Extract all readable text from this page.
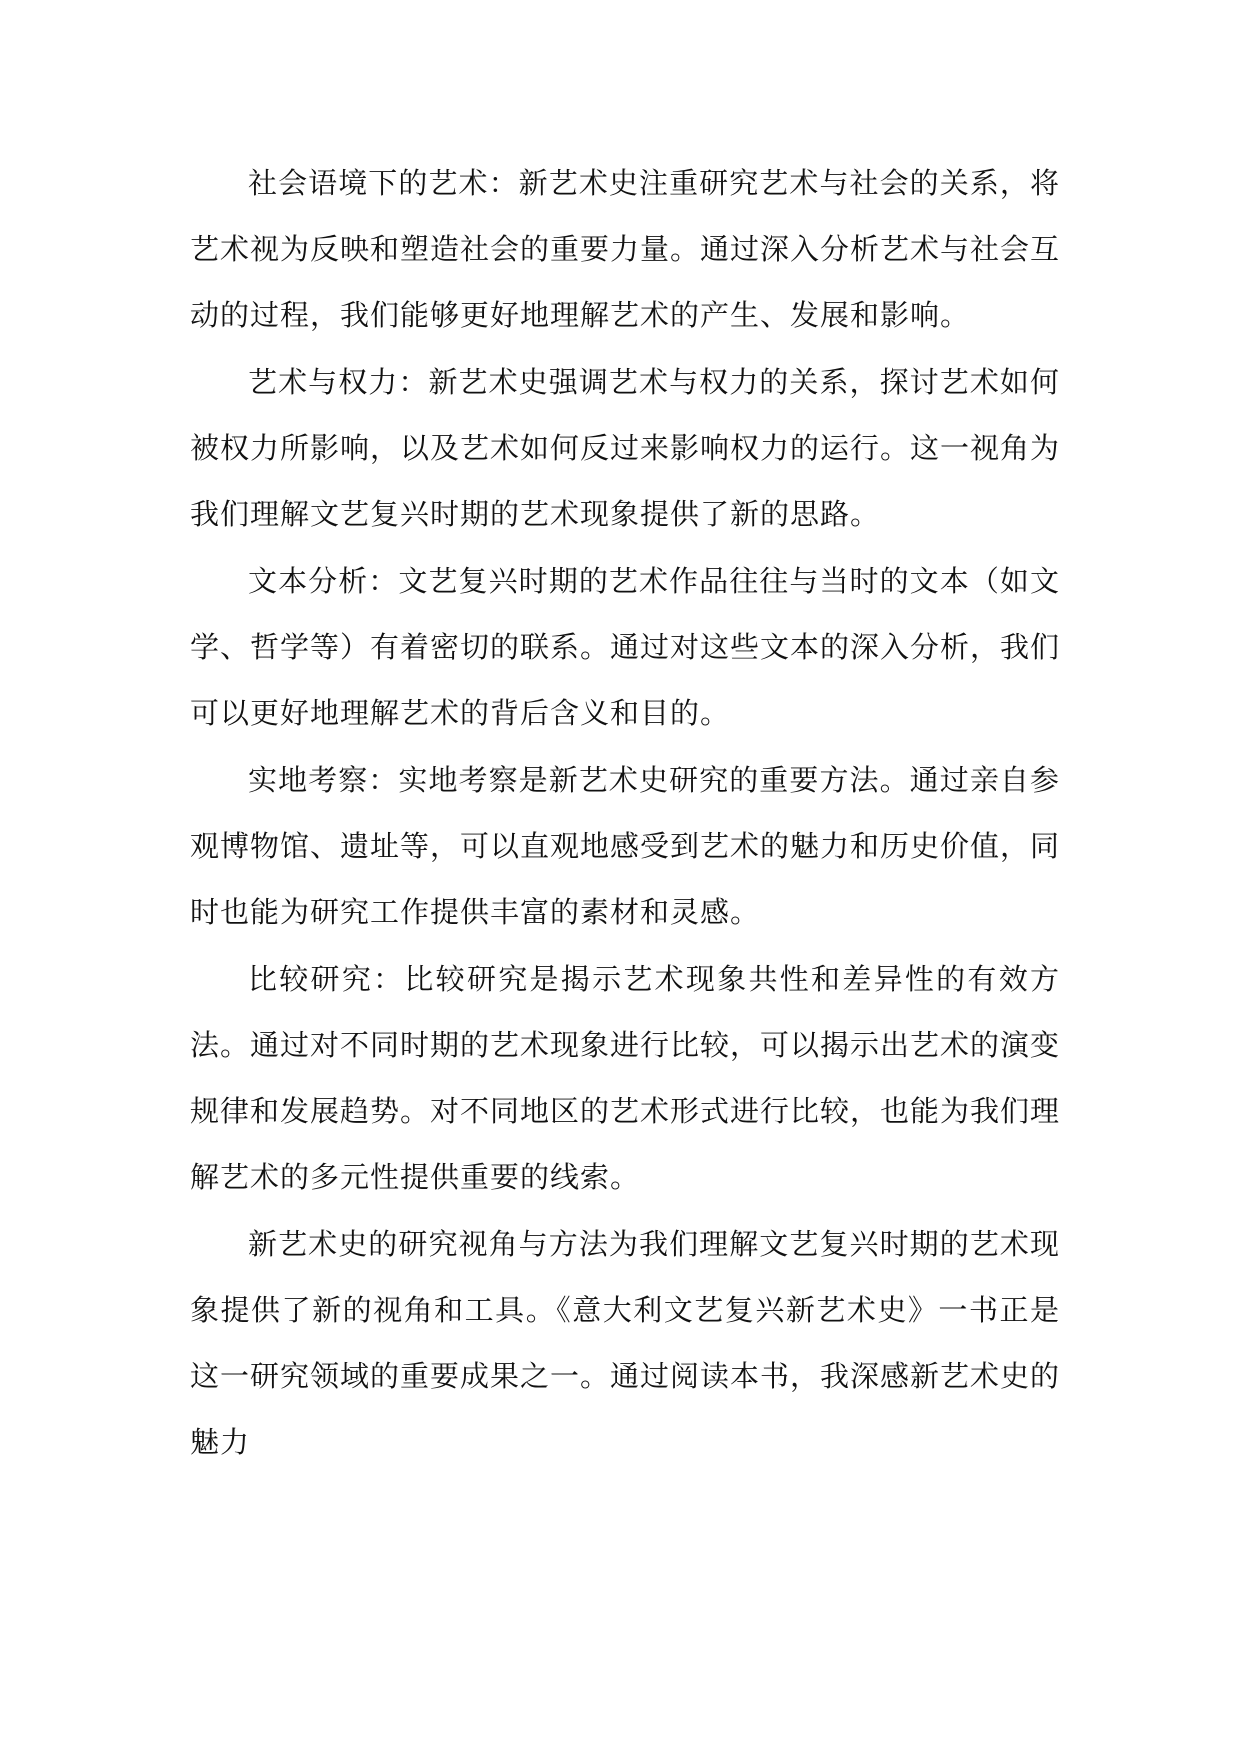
社会语境下的艺术：新艺术史注重研究艺术与社会的关系，将艺术视为反映和塑造社会的重要力量。通过深入分析艺术与社会互动的过程，我们能够更好地理解艺术的产生、发展和影响。

艺术与权力：新艺术史强调艺术与权力的关系，探讨艺术如何被权力所影响，以及艺术如何反过来影响权力的运行。这一视角为我们理解文艺复兴时期的艺术现象提供了新的思路。

文本分析：文艺复兴时期的艺术作品往往与当时的文本（如文学、哲学等）有着密切的联系。通过对这些文本的深入分析，我们可以更好地理解艺术的背后含义和目的。

实地考察：实地考察是新艺术史研究的重要方法。通过亲自参观博物馆、遗址等，可以直观地感受到艺术的魅力和历史价值，同时也能为研究工作提供丰富的素材和灵感。

比较研究：比较研究是揭示艺术现象共性和差异性的有效方法。通过对不同时期的艺术现象进行比较，可以揭示出艺术的演变规律和发展趋势。对不同地区的艺术形式进行比较，也能为我们理解艺术的多元性提供重要的线索。

新艺术史的研究视角与方法为我们理解文艺复兴时期的艺术现象提供了新的视角和工具。《意大利文艺复兴新艺术史》一书正是这一研究领域的重要成果之一。通过阅读本书，我深感新艺术史的魅力
